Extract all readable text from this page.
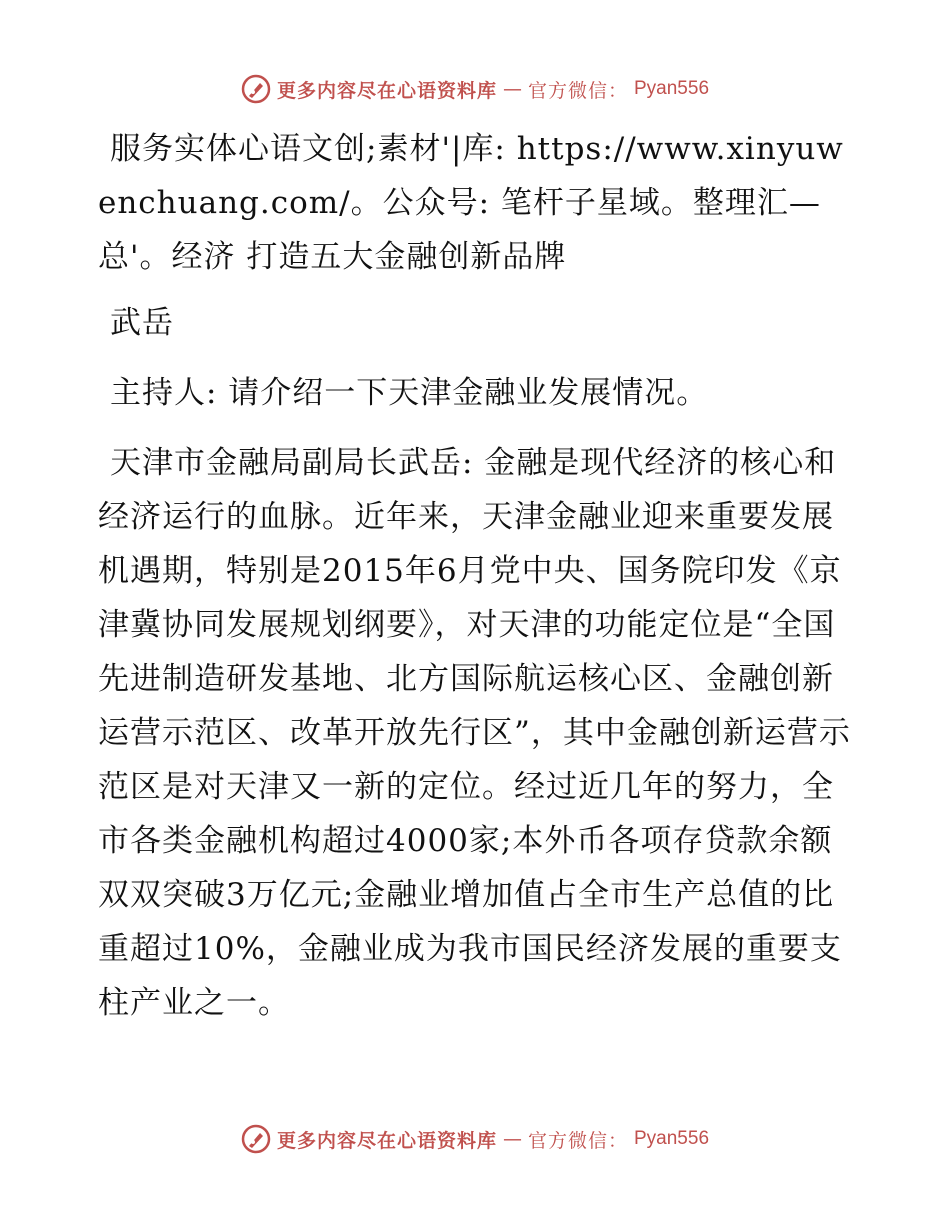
更多内容尽在心语资料库 — 官方微信： Pyan556

服务实体心语文创;素材'|库: https://www.xinyuwenchuang.com/。公众号: 笔杆子星域。整理汇—总'。经济 打造五大金融创新品牌

武岳

主持人: 请介绍一下天津金融业发展情况。

天津市金融局副局长武岳: 金融是现代经济的核心和经济运行的血脉。近年来，天津金融业迎来重要发展机遇期，特别是2015年6月党中央、国务院印发《京津冀协同发展规划纲要》，对天津的功能定位是“全国先进制造研发基地、北方国际航运核心区、金融创新运营示范区、改革开放先行区”，其中金融创新运营示范区是对天津又一新的定位。经过近几年的努力，全市各类金融机构超过4000家;本外币各项存贷款余额双双突破3万亿元;金融业增加值占全市生产总值的比重超过10%，金融业成为我市国民经济发展的重要支柱产业之一。

更多内容尽在心语资料库 — 官方微信： Pyan556
